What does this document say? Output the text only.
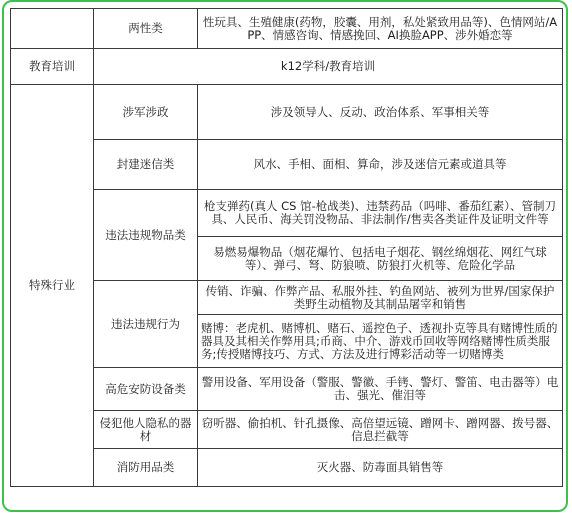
	两性类	性玩具、生殖健康(药物，胶囊、用剂，私处紧致用品等)、色情网站/APP、情感咨询、情感挽回、AI换脸APP、涉外婚恋等
教育培训	k12学科/教育培训	
特殊行业	涉军涉政	涉及领导人、反动、政治体系、军事相关等
	封建迷信类	风水、手相、面相、算命，涉及迷信元素或道具等
	违法违规物品类	枪支弹药(真人 CS 馆-枪战类)、违禁药品（吗啡、番茄红素）、管制刀具、人民币、海关罚没物品、非法制作/售卖各类证件及证明文件等
		易燃易爆物品（烟花爆竹、包括电子烟花、钢丝绵烟花、网红气球等）、弹弓、弩、防狼喷、防狼打火机等、危险化学品
	违法违规行为	传销、诈骗、作弊产品、私服外挂、钓鱼网站、被列为世界/国家保护类野生动植物及其制品屠宰和销售
		赌博：老虎机、赌博机、赌石、遥控色子、透视扑克等具有赌博性质的器具及其相关作弊用具;币商、中介、游戏币回收等网络赌博性质类服务;传授赌博技巧、方式、方法及进行博彩活动等一切赌博类
	高危安防设备类	警用设备、军用设备（警服、警徽、手铐、警灯、警笛、电击器等）电击、强光、催泪等
	侵犯他人隐私的器材	窃听器、偷拍机、针孔摄像、高倍望远镜、蹭网卡、蹭网器、拨号器、信息拦截等
	消防用品类	灭火器、防毒面具销售等
